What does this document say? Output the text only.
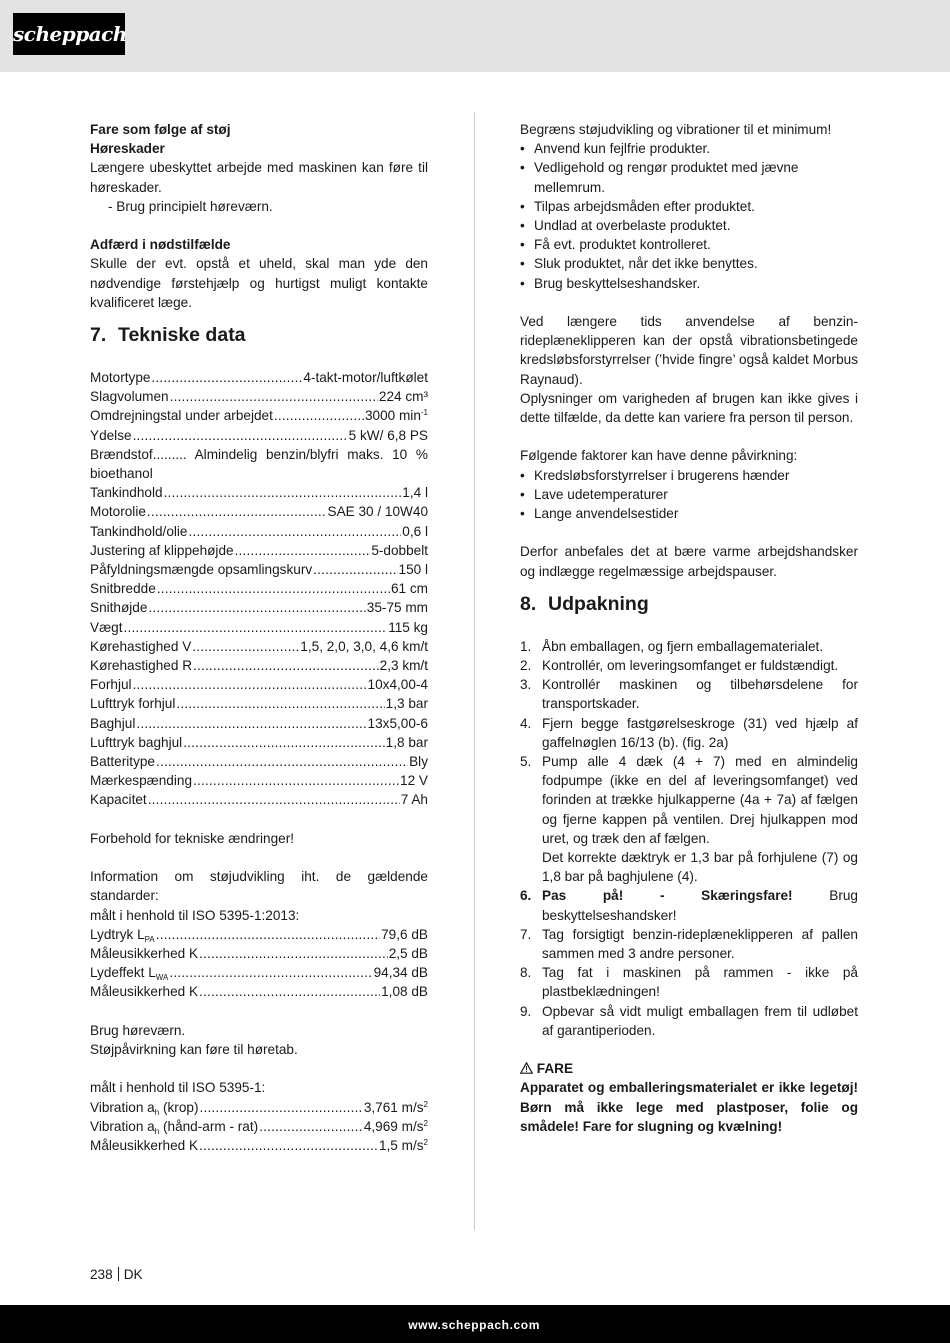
scheppach
Fare som følge af støj
Høreskader
Længere ubeskyttet arbejde med maskinen kan føre til høreskader.
- Brug principielt høreværn.
Adfærd i nødstilfælde
Skulle der evt. opstå et uheld, skal man yde den nødvendige førstehjælp og hurtigst muligt kontakte kvalificeret læge.
7. Tekniske data
Motortype .....	4-takt-motor/luftkølet
Slagvolumen .....	224 cm³
Omdrejningstal under arbejdet .....	3000 $\min^{-1}$
Ydelse .....	5 kW/ 6,8 PS
Brændstof......... Almindelig benzin/blyfri maks. 10 % bioethanol
Tankindhold .....	1,4 l
Motorolie .....	SAE 30 / 10W40
Tankindhold/olie .....	0,6 l
Justering af klippehøjde .....	5-dobbelt
Påfyldningsmængde opsamlingskurv .....	150 l
Snitbredde .....	61 cm
Snithøjde .....	35-75 mm
Vægt .....	115 kg
Kørehastighed V .....	1,5, 2,0, 3,0, 4,6 km/t
Kørehastighed R .....	2,3 km/t
Forhjul .....	10x4,00-4
Lufttryk forhjul .....	1,3 bar
Baghjul .....	13x5,00-6
Lufttryk baghjul .....	1,8 bar
Batteritype .....	Bly
Mærkespænding .....	12 V
Kapacitet .....	7 Ah
Forbehold for tekniske ændringer!
Information om støjudvikling iht. de gældende standarder:
målt i henhold til ISO 5395-1:2013:
Lydtryk $L_{PA}$ .....	79,6 dB
Måleusikkerhed K .....	2,5 dB
Lydeffekt $L_{WA}$ .....	94,34 dB
Måleusikkerhed K .....	1,08 dB
Brug høreværn.
Støjpåvirkning kan føre til høretab.
målt i henhold til ISO 5395-1:
Vibration $a_h$ (krop) .....	3,761 $m/s^2$
Vibration $a_h$ (hånd-arm - rat) .....	4,969 $m/s^2$
Måleusikkerhed K .....	1,5 $m/s^2$
Begræns støjudvikling og vibrationer til et minimum!
• Anvend kun fejlfrie produkter.
• Vedligehold og rengør produktet med jævne mellemrum.
• Tilpas arbejdsmåden efter produktet.
• Undlad at overbelaste produktet.
• Få evt. produktet kontrolleret.
• Sluk produktet, når det ikke benyttes.
• Brug beskyttelseshandsker.
Ved længere tids anvendelse af benzin-rideplæneklipperen kan der opstå vibrationsbetingede kredsløbsforstyrrelser (’hvide fingre’ også kaldet Morbus Raynaud).
Oplysninger om varigheden af brugen kan ikke gives i dette tilfælde, da dette kan variere fra person til person.
Følgende faktorer kan have denne påvirkning:
• Kredsløbsforstyrrelser i brugerens hænder
• Lave udetemperaturer
• Lange anvendelsestider
Derfor anbefales det at bære varme arbejdshandsker og indlægge regelmæssige arbejdspauser.
8. Udpakning
1. Åbn emballagen, og fjern emballagematerialet.
2. Kontrollér, om leveringsomfanget er fuldstændigt.
3. Kontrollér maskinen og tilbehørsdelene for transportskader.
4. Fjern begge fastgørelseskroge (31) ved hjælp af gaffelnøglen 16/13 (b). (fig. 2a)
5. Pump alle 4 dæk (4 + 7) med en almindelig fodpumpe (ikke en del af leveringsomfanget) ved forinden at trække hjulkapperne (4a + 7a) af fælgen og fjerne kappen på ventilen. Drej hjulkappen mod uret, og træk den af fælgen.
Det korrekte dæktryk er 1,3 bar på forhjulene (7) og 1,8 bar på baghjulene (4).
6. Pas på! - Skæringsfare! Brug beskyttelseshandsker!
7. Tag forsigtigt benzin-rideplæneklipperen af pallen sammen med 3 andre personer.
8. Tag fat i maskinen på rammen - ikke på plastbeklædningen!
9. Opbevar så vidt muligt emballagen frem til udløbet af garantiperioden.
FARE
Apparatet og emballeringsmaterialet er ikke legetøj! Børn må ikke lege med plastposer, folie og smådele! Fare for slugning og kvælning!
238 DK
www.scheppach.com
